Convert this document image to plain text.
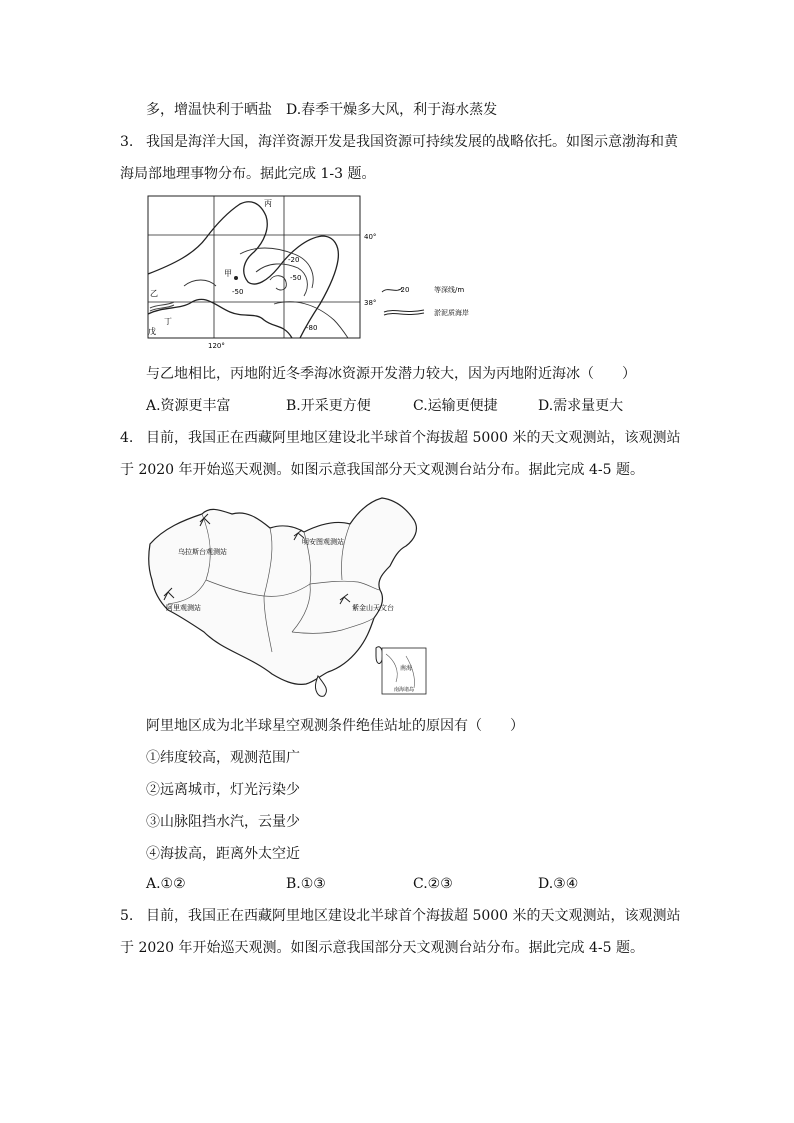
多，增温快利于晒盐 D.春季干燥多大风，利于海水蒸发
3. 我国是海洋大国，海洋资源开发是我国资源可持续发展的战略依托。如图示意渤海和黄
海局部地理事物分布。据此完成 1-3 题。
丙
甲
乙
丁
戊
-20
-50
-50
-80
40°
38°
120°
-20	等深线/m
淤泥质海岸
与乙地相比，丙地附近冬季海冰资源开发潜力较大，因为丙地附近海冰（　　）
A.资源更丰富	B.开采更方便	C.运输更便捷	D.需求量更大
4. 目前，我国正在西藏阿里地区建设北半球首个海拔超 5000 米的天文观测站，该观测站
于 2020 年开始巡天观测。如图示意我国部分天文观测台站分布。据此完成 4-5 题。
乌拉斯台观测站
明安图观测站
阿里观测站	紫金山天文台
南海
南海诸岛
阿里地区成为北半球星空观测条件绝佳站址的原因有（　　）
①纬度较高，观测范围广
②远离城市，灯光污染少
③山脉阻挡水汽，云量少
④海拔高，距离外太空近
A.①②	B.①③	C.②③	D.③④
5. 目前，我国正在西藏阿里地区建设北半球首个海拔超 5000 米的天文观测站，该观测站
于 2020 年开始巡天观测。如图示意我国部分天文观测台站分布。据此完成 4-5 题。
